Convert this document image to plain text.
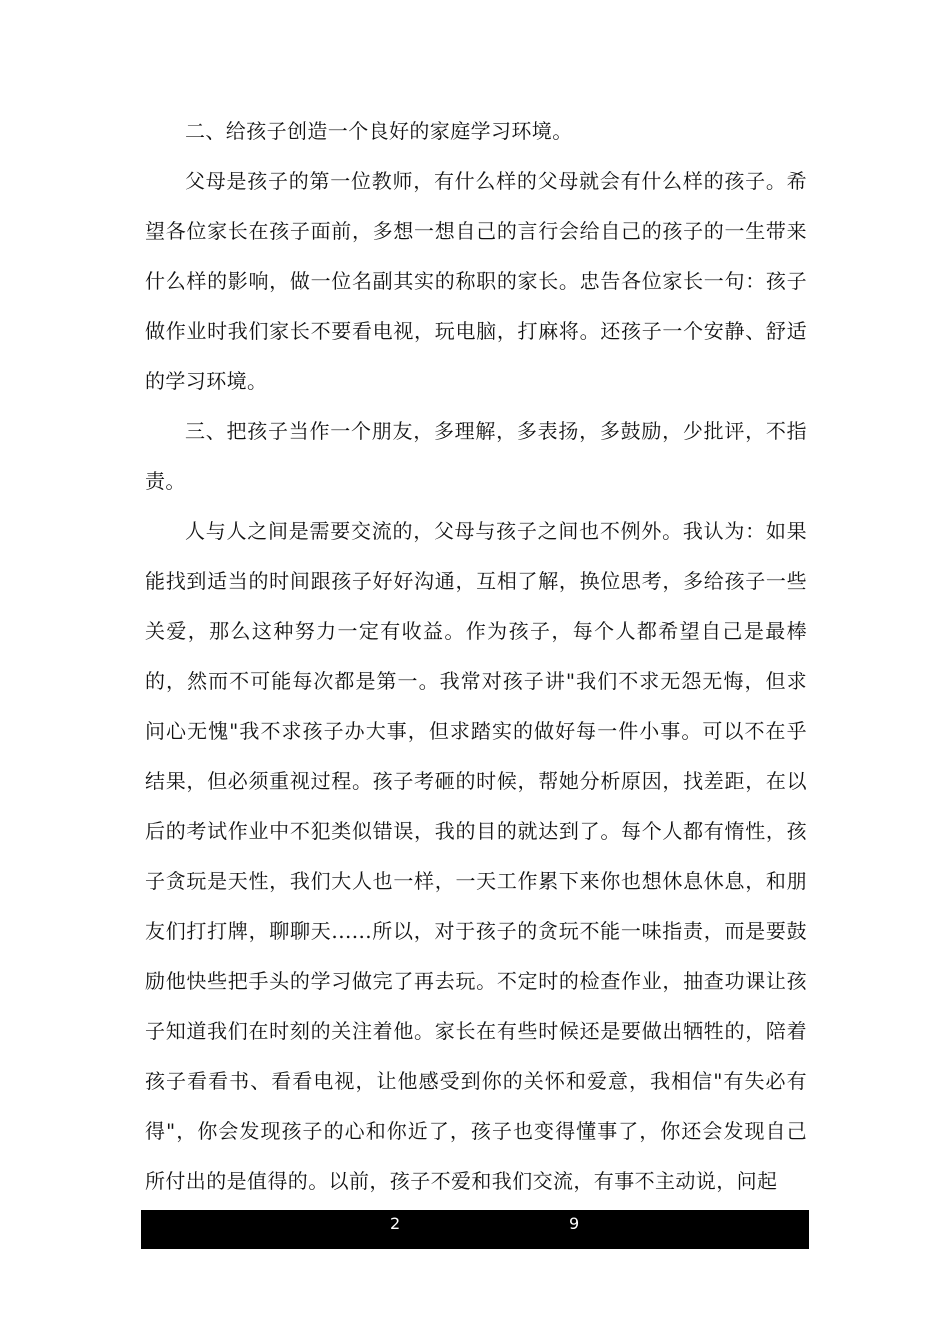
二、给孩子创造一个良好的家庭学习环境。

父母是孩子的第一位教师，有什么样的父母就会有什么样的孩子。希望各位家长在孩子面前，多想一想自己的言行会给自己的孩子的一生带来什么样的影响，做一位名副其实的称职的家长。忠告各位家长一句：孩子做作业时我们家长不要看电视，玩电脑，打麻将。还孩子一个安静、舒适的学习环境。

三、把孩子当作一个朋友，多理解，多表扬，多鼓励，少批评，不指责。

人与人之间是需要交流的，父母与孩子之间也不例外。我认为：如果能找到适当的时间跟孩子好好沟通，互相了解，换位思考，多给孩子一些关爱，那么这种努力一定有收益。作为孩子，每个人都希望自己是最棒的，然而不可能每次都是第一。我常对孩子讲"我们不求无怨无悔，但求问心无愧"我不求孩子办大事，但求踏实的做好每一件小事。可以不在乎结果，但必须重视过程。孩子考砸的时候，帮她分析原因，找差距，在以后的考试作业中不犯类似错误，我的目的就达到了。每个人都有惰性，孩子贪玩是天性，我们大人也一样，一天工作累下来你也想休息休息，和朋友们打打牌，聊聊天......所以，对于孩子的贪玩不能一味指责，而是要鼓励他快些把手头的学习做完了再去玩。不定时的检查作业，抽查功课让孩子知道我们在时刻的关注着他。家长在有些时候还是要做出牺牲的，陪着孩子看看书、看看电视，让他感受到你的关怀和爱意，我相信"有失必有得"，你会发现孩子的心和你近了，孩子也变得懂事了，你还会发现自己所付出的是值得的。以前，孩子不爱和我们交流，有事不主动说，问起

2	9
